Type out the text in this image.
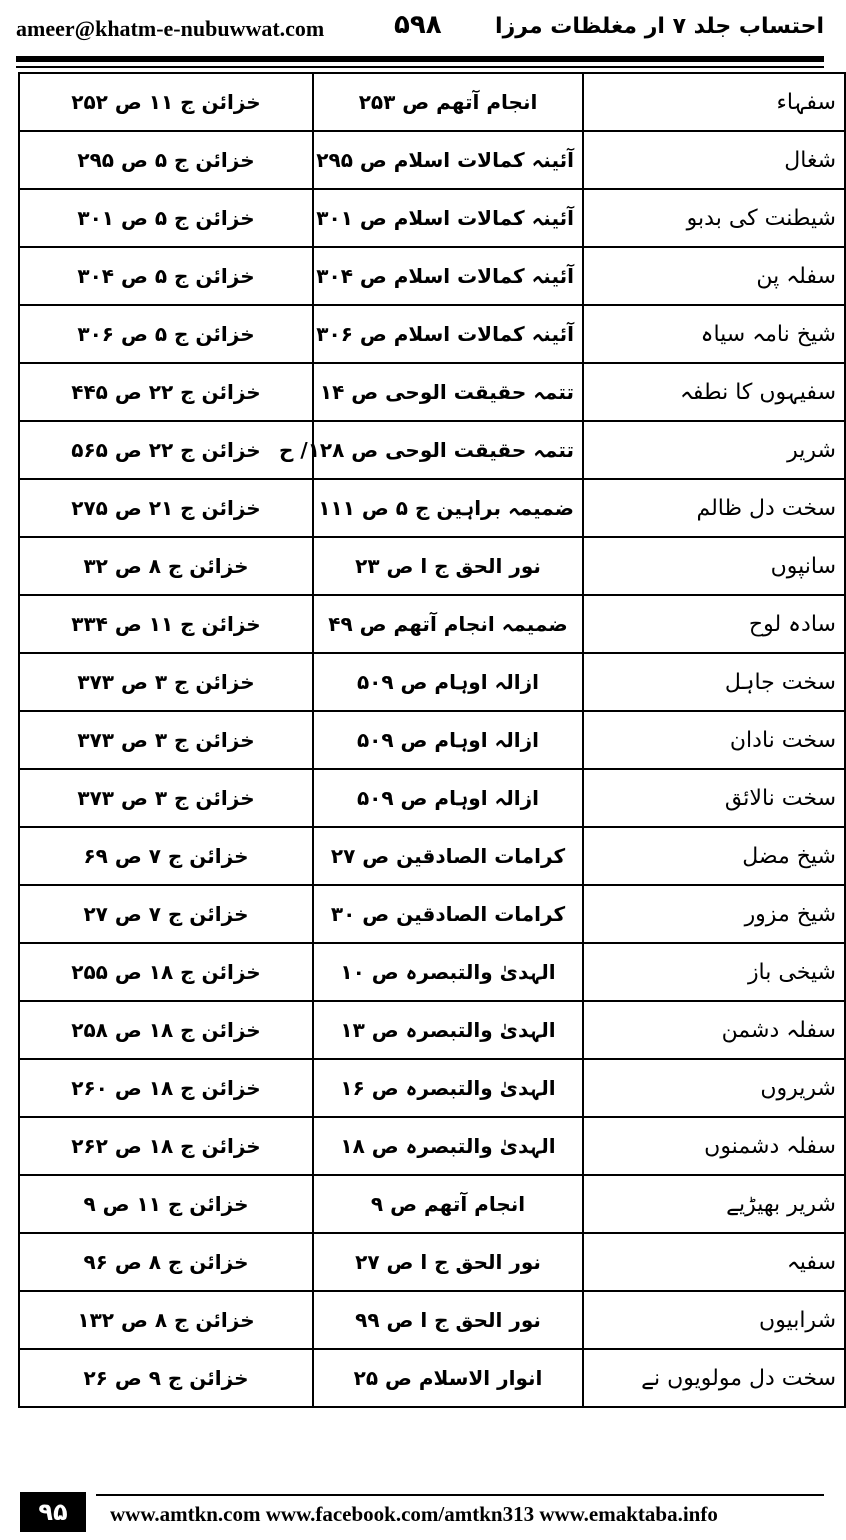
ameer@khatm-e-nubuwwat.com	۵۹۸ احتساب جلد ۷ ار مغلظات مرزا
سفہاء	انجام آتھم ص ۲۵۳	خزائن ج ۱۱ ص ۲۵۲
شغال	آئینہ کمالات اسلام ص ۲۹۵	خزائن ج ۵ ص ۲۹۵
شیطنت کی بدبو	آئینہ کمالات اسلام ص ۳۰۱	خزائن ج ۵ ص ۳۰۱
سفلہ پن	آئینہ کمالات اسلام ص ۳۰۴	خزائن ج ۵ ص ۳۰۴
شیخ نامہ سیاہ	آئینہ کمالات اسلام ص ۳۰۶	خزائن ج ۵ ص ۳۰۶
سفیہوں کا نطفہ	تتمہ حقیقت الوحی ص ۱۴	خزائن ج ۲۲ ص ۴۴۵
شریر	تتمہ حقیقت الوحی ص ۱۲۸/ ح	خزائن ج ۲۲ ص ۵۶۵
سخت دل ظالم	ضمیمہ براہین ج ۵ ص ۱۱۱	خزائن ج ۲۱ ص ۲۷۵
سانپوں	نور الحق ج ا ص ۲۳	خزائن ج ۸ ص ۳۲
سادہ لوح	ضمیمہ انجام آتھم ص ۴۹	خزائن ج ۱۱ ص ۳۳۴
سخت جاہل	ازالہ اوہام ص ۵۰۹	خزائن ج ۳ ص ۳۷۳
سخت نادان	ازالہ اوہام ص ۵۰۹	خزائن ج ۳ ص ۳۷۳
سخت نالائق	ازالہ اوہام ص ۵۰۹	خزائن ج ۳ ص ۳۷۳
شیخ مضل	کرامات الصادقین ص ۲۷	خزائن ج ۷ ص ۶۹
شیخ مزور	کرامات الصادقین ص ۳۰	خزائن ج ۷ ص ۲۷
شیخی باز	الہدیٰ والتبصرہ ص ۱۰	خزائن ج ۱۸ ص ۲۵۵
سفلہ دشمن	الہدیٰ والتبصرہ ص ۱۳	خزائن ج ۱۸ ص ۲۵۸
شریروں	الہدیٰ والتبصرہ ص ۱۶	خزائن ج ۱۸ ص ۲۶۰
سفلہ دشمنوں	الہدیٰ والتبصرہ ص ۱۸	خزائن ج ۱۸ ص ۲۶۲
شریر بھیڑیے	انجام آتھم ص ۹	خزائن ج ۱۱ ص ۹
سفیہ	نور الحق ج ا ص ۲۷	خزائن ج ۸ ص ۹۶
شرابیوں	نور الحق ج ا ص ۹۹	خزائن ج ۸ ص ۱۳۲
سخت دل مولویوں نے	انوار الاسلام ص ۲۵	خزائن ج ۹ ص ۲۶
۹۵	www.amtkn.com www.facebook.com/amtkn313 www.emaktaba.info
